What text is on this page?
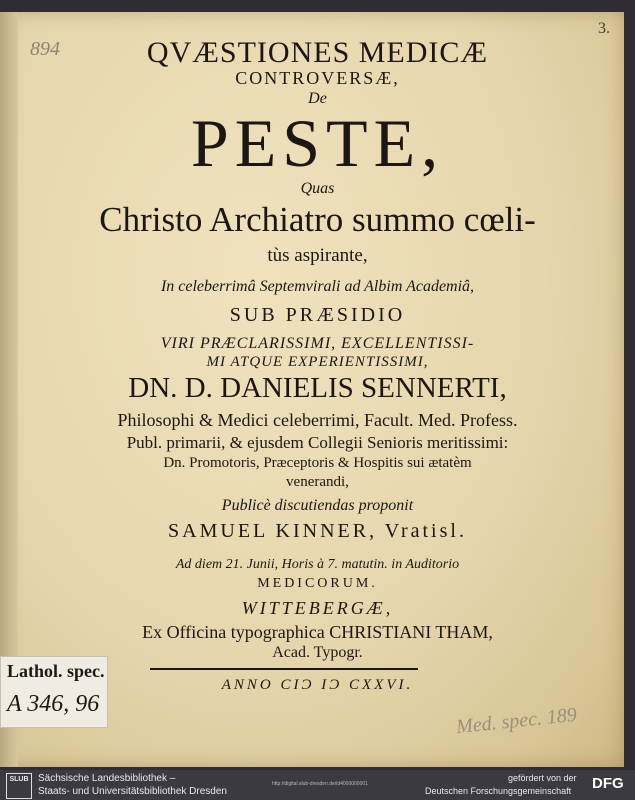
894
3.
QVÆSTIONES MEDICÆ
CONTROVERSÆ,
De
PESTE,
Quas
Christo Archiatro summo cœli-
tùs aspirante,
In celeberrimâ Septemvirali ad Albim Academiâ,
SUB PRÆSIDIO
VIRI PRÆCLARISSIMI, EXCELLENTISSI-
MI ATQUE EXPERIENTISSIMI,
DN. D. DANIELIS SENNERTI,
Philosophi & Medici celeberrimi, Facult. Med. Profess.
Publ. primarii, & ejusdem Collegii Senioris meritissimi:
Dn. Promotoris, Præceptoris & Hospitis sui ætatèm
venerandi,
Publicè discutiendas proponit
SAMUEL KINNER, Vratisl.
Ad diem 21. Junii, Horis à 7. matutin. in Auditorio
MEDICORUM.
WITTEBERGÆ,
Ex Officina typographica CHRISTIANI THAM,
Acad. Typogr.
ANNO CIƆ IƆ CXXVI.
Med. spec. 189
Lathol. spec.
A 346, 96
SLUB Sächsische Landesbibliothek –
Staats- und Universitätsbibliothek Dresden
http://digital.slub-dresden.de/id4000000001
gefördert von der
Deutschen Forschungsgemeinschaft DFG
